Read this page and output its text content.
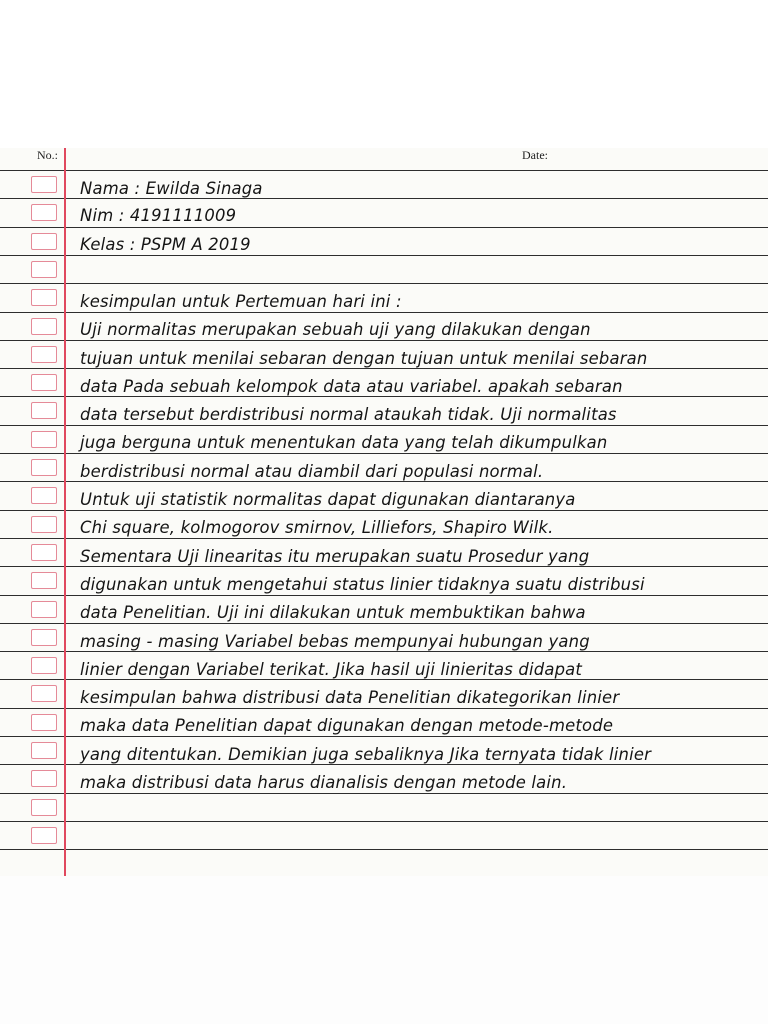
No.:	Date:
Nama : Ewilda Sinaga
Nim : 4191111009
Kelas : PSPM A 2019
kesimpulan untuk Pertemuan hari ini :
Uji normalitas merupakan sebuah uji yang dilakukan dengan
tujuan untuk menilai sebaran dengan tujuan untuk menilai sebaran
data Pada sebuah kelompok data atau variabel. apakah sebaran
data tersebut berdistribusi normal ataukah tidak. Uji normalitas
juga berguna untuk menentukan data yang telah dikumpulkan
berdistribusi normal atau diambil dari populasi normal.
Untuk uji statistik normalitas dapat digunakan diantaranya
Chi square, kolmogorov smirnov, Lilliefors, Shapiro Wilk.
Sementara Uji linearitas itu merupakan suatu Prosedur yang
digunakan untuk mengetahui status linier tidaknya suatu distribusi
data Penelitian. Uji ini dilakukan untuk membuktikan bahwa
masing - masing Variabel bebas mempunyai hubungan yang
linier dengan Variabel terikat. Jika hasil uji linieritas didapat
kesimpulan bahwa distribusi data Penelitian dikategorikan linier
maka data Penelitian dapat digunakan dengan metode-metode
yang ditentukan. Demikian juga sebaliknya Jika ternyata tidak linier
maka distribusi data harus dianalisis dengan metode lain.
